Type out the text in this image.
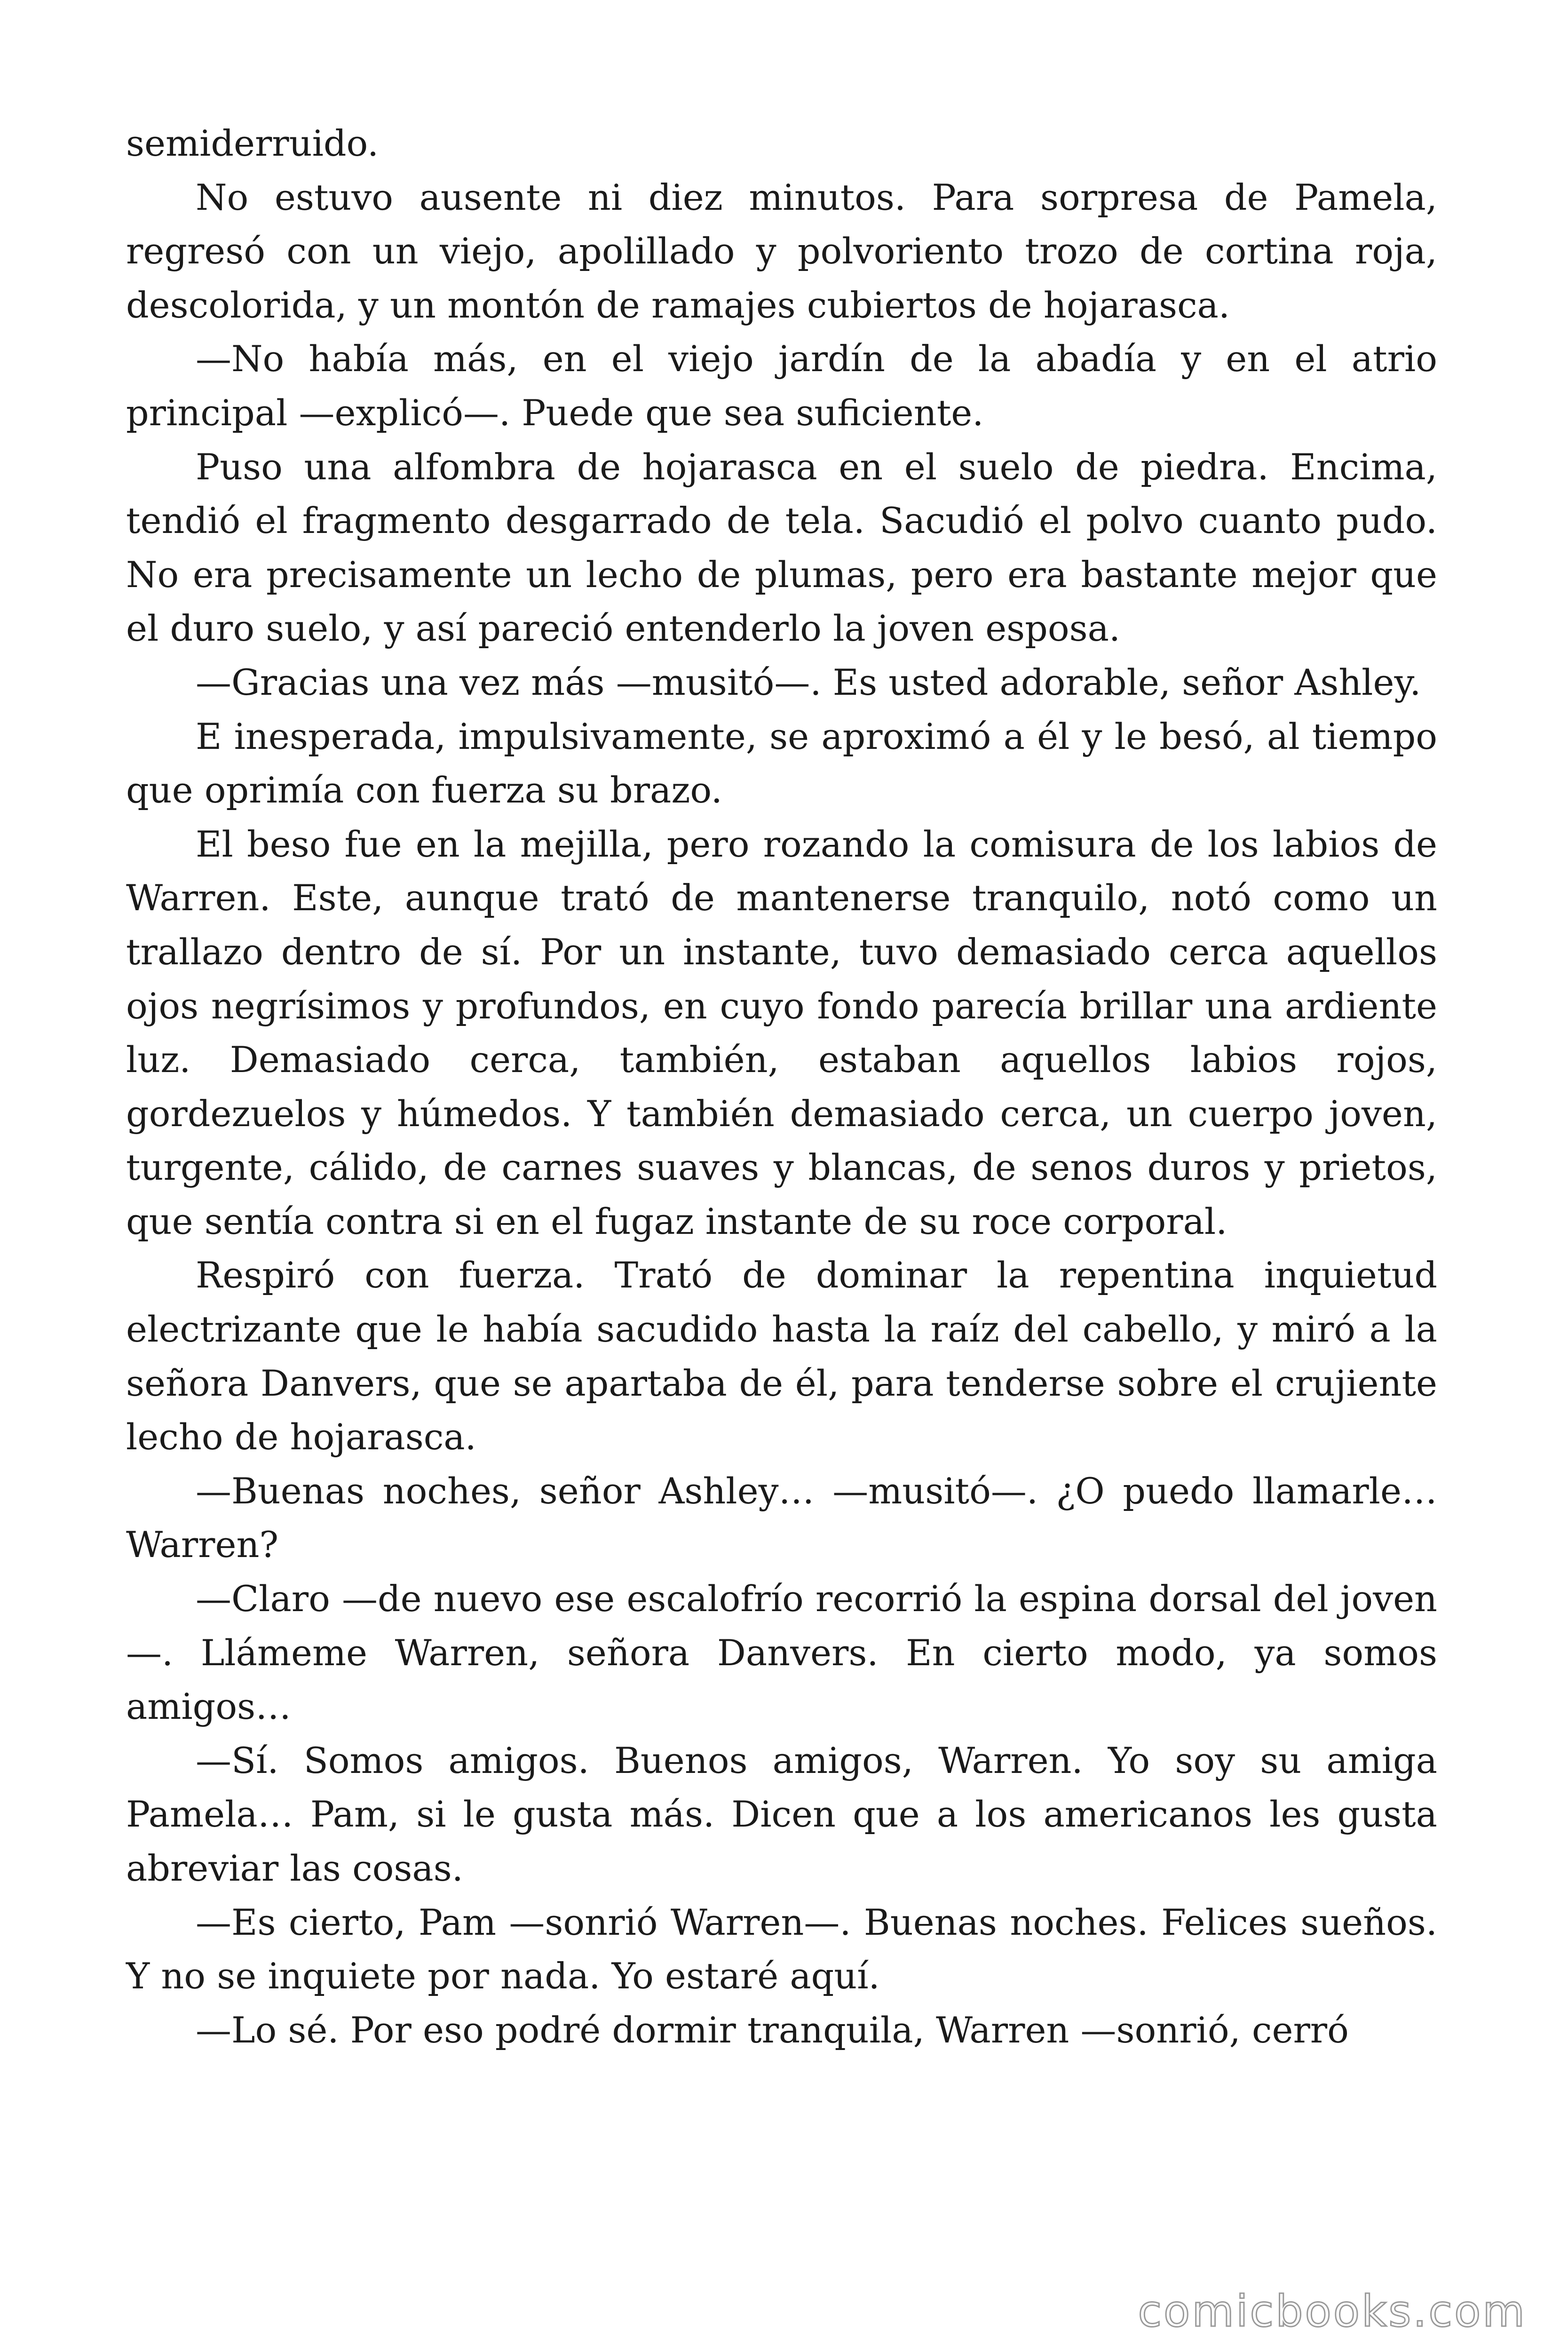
semiderruido.

No estuvo ausente ni diez minutos. Para sorpresa de Pamela, regresó con un viejo, apolillado y polvoriento trozo de cortina roja, descolorida, y un montón de ramajes cubiertos de hojarasca.

—No había más, en el viejo jardín de la abadía y en el atrio principal —explicó—. Puede que sea suficiente.

Puso una alfombra de hojarasca en el suelo de piedra. Encima, tendió el fragmento desgarrado de tela. Sacudió el polvo cuanto pudo. No era precisamente un lecho de plumas, pero era bastante mejor que el duro suelo, y así pareció entenderlo la joven esposa.

—Gracias una vez más —musitó—. Es usted adorable, señor Ashley.

E inesperada, impulsivamente, se aproximó a él y le besó, al tiempo que oprimía con fuerza su brazo.

El beso fue en la mejilla, pero rozando la comisura de los labios de Warren. Este, aunque trató de mantenerse tranquilo, notó como un trallazo dentro de sí. Por un instante, tuvo demasiado cerca aquellos ojos negrísimos y profundos, en cuyo fondo parecía brillar una ardiente luz. Demasiado cerca, también, estaban aquellos labios rojos, gordezuelos y húmedos. Y también demasiado cerca, un cuerpo joven, turgente, cálido, de carnes suaves y blancas, de senos duros y prietos, que sentía contra si en el fugaz instante de su roce corporal.

Respiró con fuerza. Trató de dominar la repentina inquietud electrizante que le había sacudido hasta la raíz del cabello, y miró a la señora Danvers, que se apartaba de él, para tenderse sobre el crujiente lecho de hojarasca.

—Buenas noches, señor Ashley… —musitó—. ¿O puedo llamarle… Warren?

—Claro —de nuevo ese escalofrío recorrió la espina dorsal del joven—. Llámeme Warren, señora Danvers. En cierto modo, ya somos amigos…

—Sí. Somos amigos. Buenos amigos, Warren. Yo soy su amiga Pamela… Pam, si le gusta más. Dicen que a los americanos les gusta abreviar las cosas.

—Es cierto, Pam —sonrió Warren—. Buenas noches. Felices sueños. Y no se inquiete por nada. Yo estaré aquí.

—Lo sé. Por eso podré dormir tranquila, Warren —sonrió, cerró

comicbooks.com
